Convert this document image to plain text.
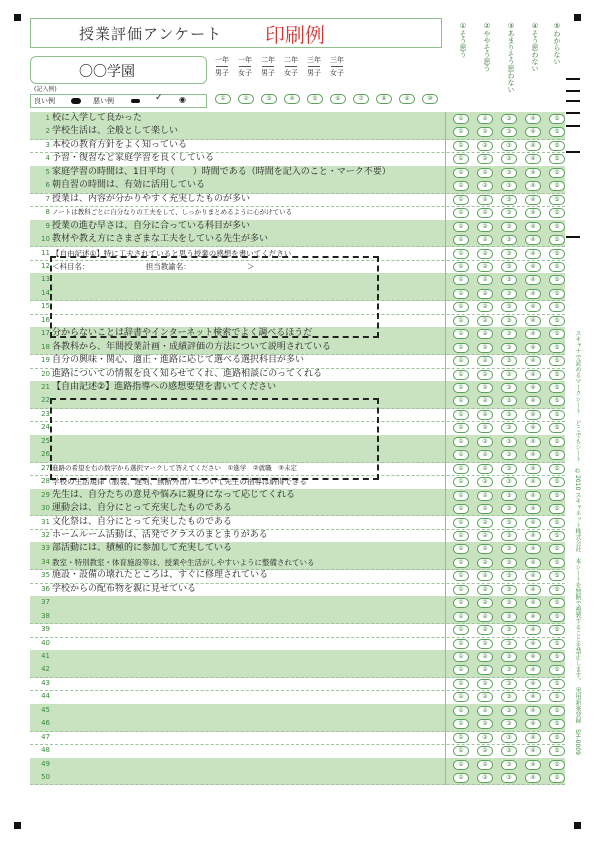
授業評価アンケート 印刷例
〇〇学園
一年
男子
①
一年
女子
②
二年
男子
③
二年
女子
④
三年
男子
⑤
三年
女子
⑥	⑦	⑧	⑨	⑩
(記入例)
良い例	悪い例	✓ ◉
①そう思う	②ややそう思う	③あまりそう思わない	④そう思わない	⑤わからない
1 校に入学して良かった	①	②	③	④	⑤
2 学校生活は、全般として楽しい	①	②	③	④	⑤
3 本校の教育方針をよく知っている	①	②	③	④	⑤
4 予習・復習など家庭学習を良くしている	①	②	③	④	⑤
5 家庭学習の時間は、1日平均（　　）時間である（時間を記入のこと・マーク不要）	①	②	③	④	⑤
6 朝自習の時間は、有効に活用している	①	②	③	④	⑤
7 授業は、内容が分かりやすく充実したものが多い	①	②	③	④	⑤
8 ノートは教科ごとに自分なりの工夫をして、しっかりまとめるように心がけている	①	②	③	④	⑤
9 授業の進む早さは、自分に合っている科目が多い	①	②	③	④	⑤
10 教材や教え方にさまざまな工夫をしている先生が多い	①	②	③	④	⑤
11 【自由記述①】特に工夫されていると思う授業の感想を書いてください	①	②	③	④	⑤
12 ＜科目名：　　　　　　　　担当教諭名：　　　　　　　　＞	①	②	③	④	⑤
13	①	②	③	④	⑤
14	①	②	③	④	⑤
15	①	②	③	④	⑤
16	①	②	③	④	⑤
17 分からないことは辞書やインターネット検索でよく調べるほうだ	①	②	③	④	⑤
18 各教科から、年間授業計画・成績評価の方法について説明されている	①	②	③	④	⑤
19 自分の興味・関心、適正・進路に応じて選べる選択科目が多い	①	②	③	④	⑤
20 進路についての情報を良く知らせてくれ、進路相談にのってくれる	①	②	③	④	⑤
21 【自由記述②】進路指導への感想要望を書いてください	①	②	③	④	⑤
22	①	②	③	④	⑤
23	①	②	③	④	⑤
24	①	②	③	④	⑤
25	①	②	③	④	⑤
26	①	②	③	④	⑤
27 進路の希望を右の数字から選択マークして答えてください　①進学　②就職　③未定	①	②	③	④	⑤
28 学校の生活規律（服装、遅刻、無断外出）について先生の指導は納得できる	①	②	③	④	⑤
29 先生は、自分たちの意見や悩みに親身になって応じてくれる	①	②	③	④	⑤
30 運動会は、自分にとって充実したものである	①	②	③	④	⑤
31 文化祭は、自分にとって充実したものである	①	②	③	④	⑤
32 ホームルーム活動は、活発でクラスのまとまりがある	①	②	③	④	⑤
33 部活動には、積極的に参加して充実している	①	②	③	④	⑤
34 教室・特別教室・体育施設等は、授業や生活がしやすいように整備されている	①	②	③	④	⑤
35 施設・設備の壊れたところは、すぐに修理されている	①	②	③	④	⑤
36 学校からの配布物を親に見せている	①	②	③	④	⑤
37	①	②	③	④	⑤
38	①	②	③	④	⑤
39	①	②	③	④	⑤
40	①	②	③	④	⑤
41	①	②	③	④	⑤
42	①	②	③	④	⑤
43	①	②	③	④	⑤
44	①	②	③	④	⑤
45	①	②	③	④	⑤
46	①	②	③	④	⑤
47	①	②	③	④	⑤
48	①	②	③	④	⑤
49	①	②	③	④	⑤
50	①	②	③	④	⑤
スキャナで読めるマークシート　どこでもシート　©2010 スキャネット株式会社　本シートを無断で複製することを禁止します。　実用新案登録　SH-0009
